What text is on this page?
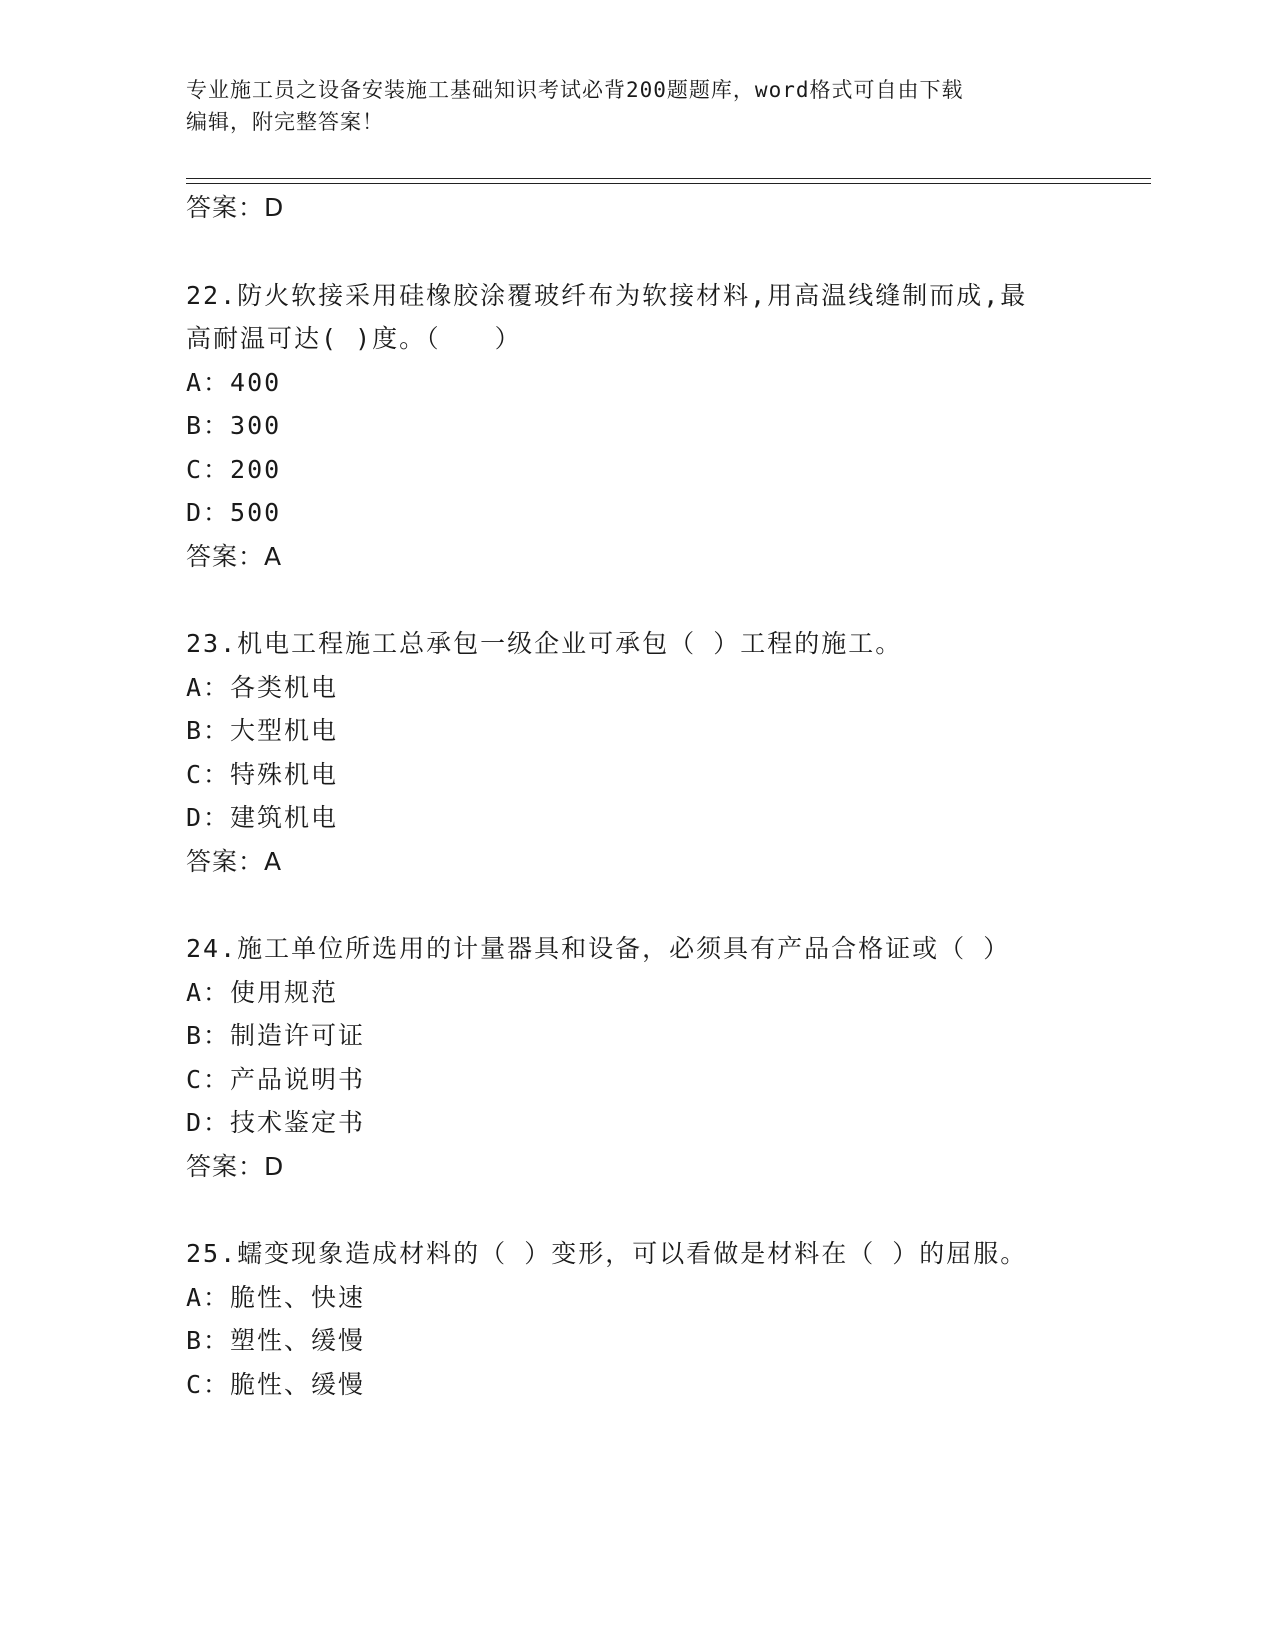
专业施工员之设备安装施工基础知识考试必背200题题库，word格式可自由下载
编辑，附完整答案！
答案：D
22.防火软接采用硅橡胶涂覆玻纤布为软接材料,用高温线缝制而成,最
高耐温可达( )度。（　　）
A：400
B：300
C：200
D：500
答案：A
23.机电工程施工总承包一级企业可承包（ ）工程的施工。
A：各类机电
B：大型机电
C：特殊机电
D：建筑机电
答案：A
24.施工单位所选用的计量器具和设备，必须具有产品合格证或（ ）
A：使用规范
B：制造许可证
C：产品说明书
D：技术鉴定书
答案：D
25.蠕变现象造成材料的（ ）变形，可以看做是材料在（ ）的屈服。
A：脆性、快速
B：塑性、缓慢
C：脆性、缓慢
